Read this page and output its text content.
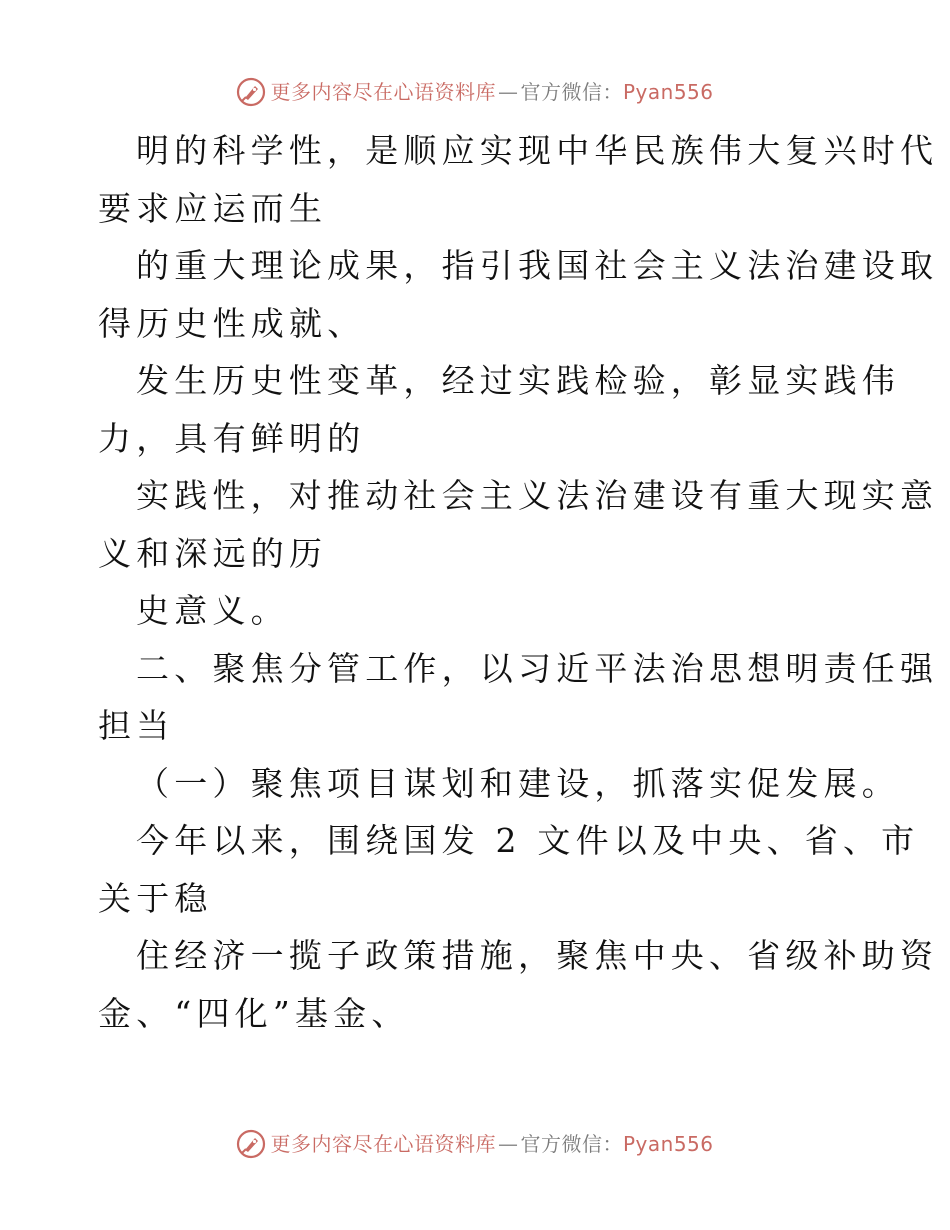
更多内容尽在心语资料库 — 官方微信：Pyan556
明的科学性，是顺应实现中华民族伟大复兴时代
要求应运而生
的重大理论成果，指引我国社会主义法治建设取
得历史性成就、
发生历史性变革，经过实践检验，彰显实践伟
力，具有鲜明的
实践性，对推动社会主义法治建设有重大现实意
义和深远的历
史意义。
二、聚焦分管工作，以习近平法治思想明责任强
担当
（一）聚焦项目谋划和建设，抓落实促发展。
今年以来，围绕国发 2 文件以及中央、省、市
关于稳
住经济一揽子政策措施，聚焦中央、省级补助资
金、“四化”基金、
更多内容尽在心语资料库 — 官方微信：Pyan556
